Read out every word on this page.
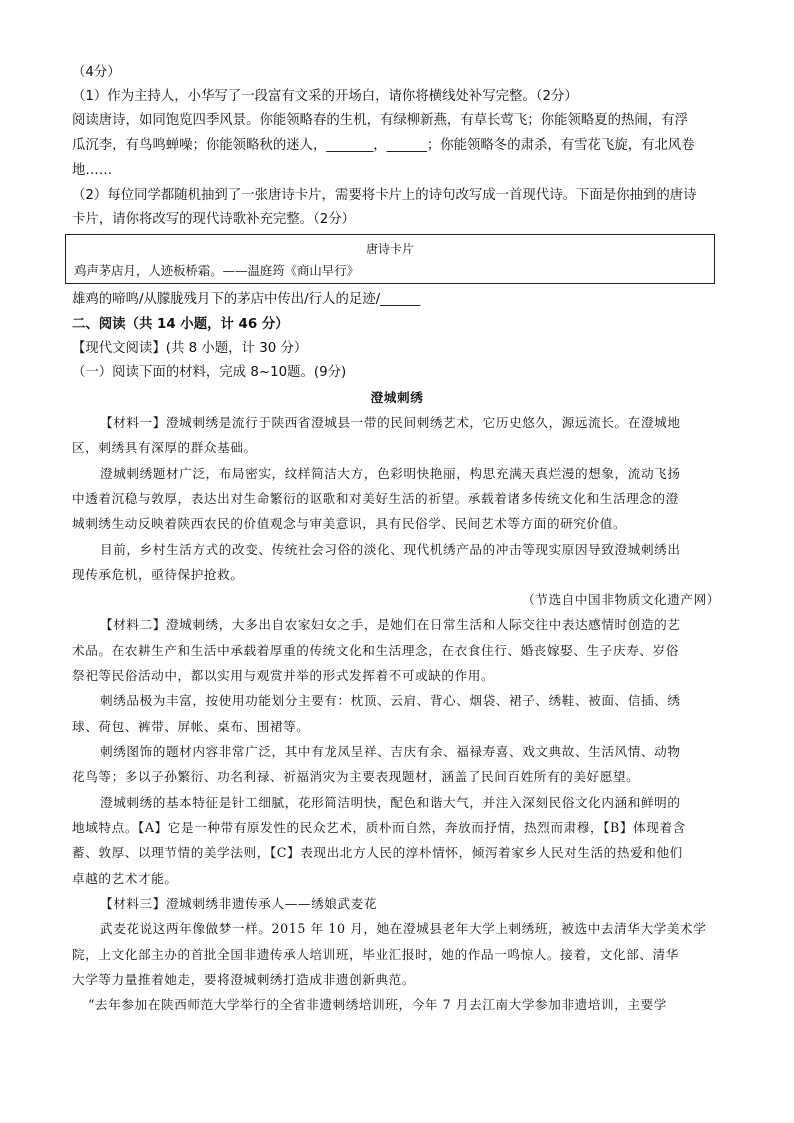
（4分）
（1）作为主持人，小华写了一段富有文采的开场白，请你将横线处补写完整。（2分）
阅读唐诗，如同饱览四季风景。你能领略春的生机，有绿柳新燕，有草长莺飞；你能领略夏的热闹，有浮
瓜沉李，有鸟鸣蝉噪；你能领略秋的迷人，_______，______；你能领略冬的肃杀，有雪花飞旋，有北风卷
地……
（2）每位同学都随机抽到了一张唐诗卡片，需要将卡片上的诗句改写成一首现代诗。下面是你抽到的唐诗
卡片，请你将改写的现代诗歌补充完整。（2分）
唐诗卡片
鸡声茅店月，人迹板桥霜。——温庭筠《商山早行》
雄鸡的啼鸣/从朦胧残月下的茅店中传出/行人的足迹/______
二、阅读（共 14 小题，计 46 分）
【现代文阅读】(共 8 小题，计 30 分）
（一）阅读下面的材料，完成 8~10题。(9分)
澄城刺绣
【材料一】澄城刺绣是流行于陕西省澄城县一带的民间刺绣艺术，它历史悠久，源远流长。在澄城地
区，刺绣具有深厚的群众基础。
澄城刺绣题材广泛，布局密实，纹样简洁大方，色彩明快艳丽，构思充满天真烂漫的想象，流动飞扬
中透着沉稳与敦厚，表达出对生命繁衍的讴歌和对美好生活的祈望。承载着诸多传统文化和生活理念的澄
城刺绣生动反映着陕西农民的价值观念与审美意识，具有民俗学、民间艺术等方面的研究价值。
目前，乡村生活方式的改变、传统社会习俗的淡化、现代机绣产品的冲击等现实原因导致澄城刺绣出
现传承危机，亟待保护抢救。
（节选自中国非物质文化遗产网）
【材料二】澄城刺绣，大多出自农家妇女之手，是她们在日常生活和人际交往中表达感情时创造的艺
术品。在农耕生产和生活中承载着厚重的传统文化和生活理念，在衣食住行、婚丧嫁娶、生子庆寿、岁俗
祭祀等民俗活动中，都以实用与观赏并举的形式发挥着不可或缺的作用。
刺绣品极为丰富，按使用功能划分主要有：枕顶、云肩、背心、烟袋、裙子、绣鞋、被面、信插、绣
球、荷包、裤带、屏帐、桌布、围裙等。
刺绣图饰的题材内容非常广泛，其中有龙凤呈祥、吉庆有余、福禄寿喜、戏文典故、生活风情、动物
花鸟等；多以子孙繁衍、功名利禄、祈福消灾为主要表现题材，涵盖了民间百姓所有的美好愿望。
澄城刺绣的基本特征是针工细腻，花形简洁明快，配色和谐大气，并注入深刻民俗文化内涵和鲜明的
地域特点。【A】它是一种带有原发性的民众艺术，质朴而自然，奔放而抒情，热烈而肃穆，【B】体现着含
蓄、敦厚、以理节情的美学法则，【C】表现出北方人民的淳朴情怀，倾泻着家乡人民对生活的热爱和他们
卓越的艺术才能。
【材料三】澄城刺绣非遗传承人——绣娘武麦花
武麦花说这两年像做梦一样。2015 年 10 月，她在澄城县老年大学上刺绣班，被选中去清华大学美术学
院，上文化部主办的首批全国非遗传承人培训班，毕业汇报时，她的作品一鸣惊人。接着，文化部、清华
大学等力量推着她走，要将澄城刺绣打造成非遗创新典范。
“去年参加在陕西师范大学举行的全省非遗刺绣培训班，今年 7 月去江南大学参加非遗培训，主要学
